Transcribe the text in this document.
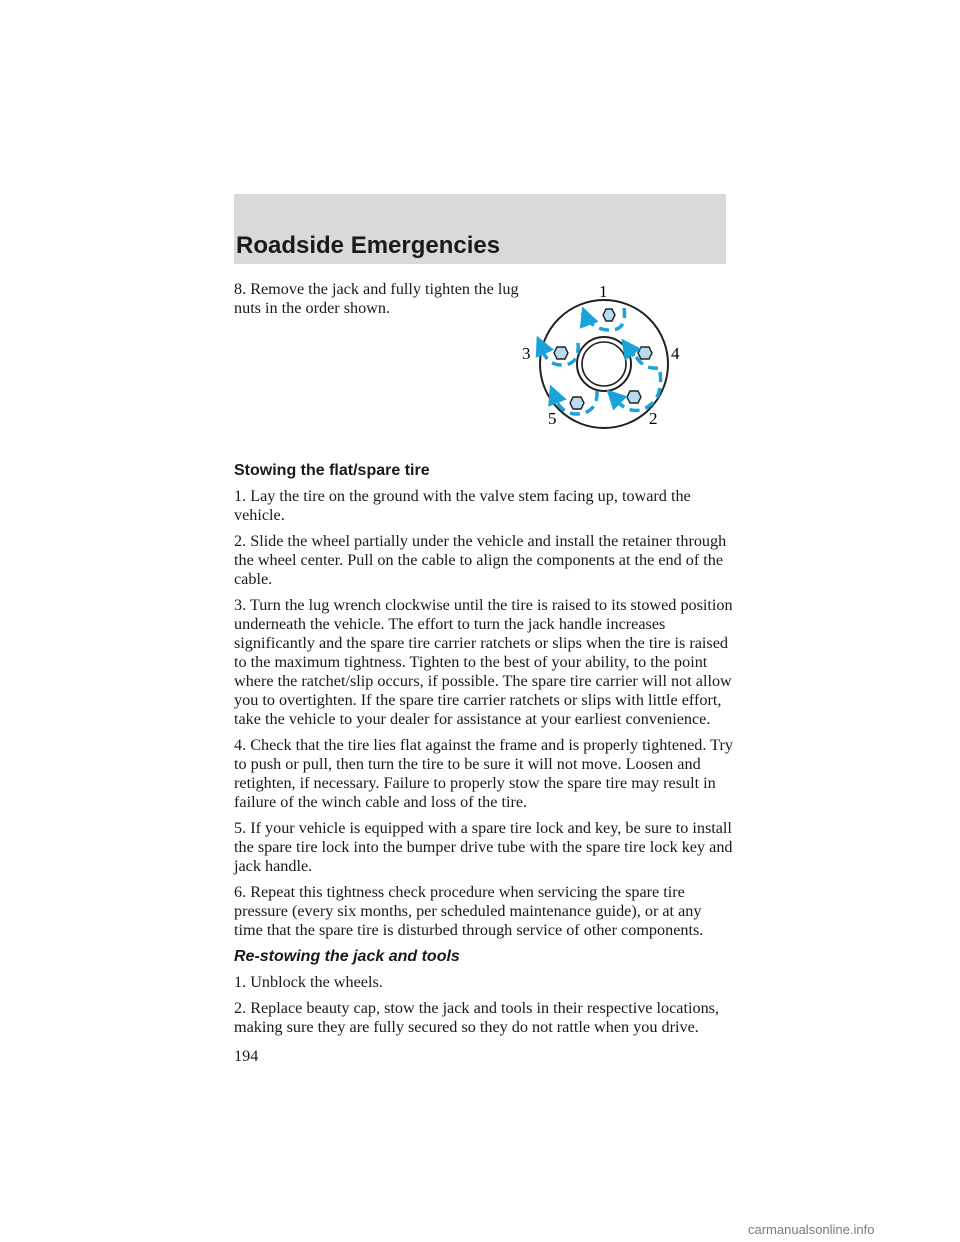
Roadside Emergencies
8. Remove the jack and fully tighten the lug nuts in the order shown.
1
2
3	4
5
Stowing the flat/spare tire

1. Lay the tire on the ground with the valve stem facing up, toward the vehicle.

2. Slide the wheel partially under the vehicle and install the retainer through the wheel center. Pull on the cable to align the components at the end of the cable.

3. Turn the lug wrench clockwise until the tire is raised to its stowed position underneath the vehicle. The effort to turn the jack handle increases significantly and the spare tire carrier ratchets or slips when the tire is raised to the maximum tightness. Tighten to the best of your ability, to the point where the ratchet/slip occurs, if possible. The spare tire carrier will not allow you to overtighten. If the spare tire carrier ratchets or slips with little effort, take the vehicle to your dealer for assistance at your earliest convenience.

4. Check that the tire lies flat against the frame and is properly tightened. Try to push or pull, then turn the tire to be sure it will not move. Loosen and retighten, if necessary. Failure to properly stow the spare tire may result in failure of the winch cable and loss of the tire.

5. If your vehicle is equipped with a spare tire lock and key, be sure to install the spare tire lock into the bumper drive tube with the spare tire lock key and jack handle.

6. Repeat this tightness check procedure when servicing the spare tire pressure (every six months, per scheduled maintenance guide), or at any time that the spare tire is disturbed through service of other components.

Re-stowing the jack and tools

1. Unblock the wheels.

2. Replace beauty cap, stow the jack and tools in their respective locations, making sure they are fully secured so they do not rattle when you drive.

194
carmanualsonline.info
